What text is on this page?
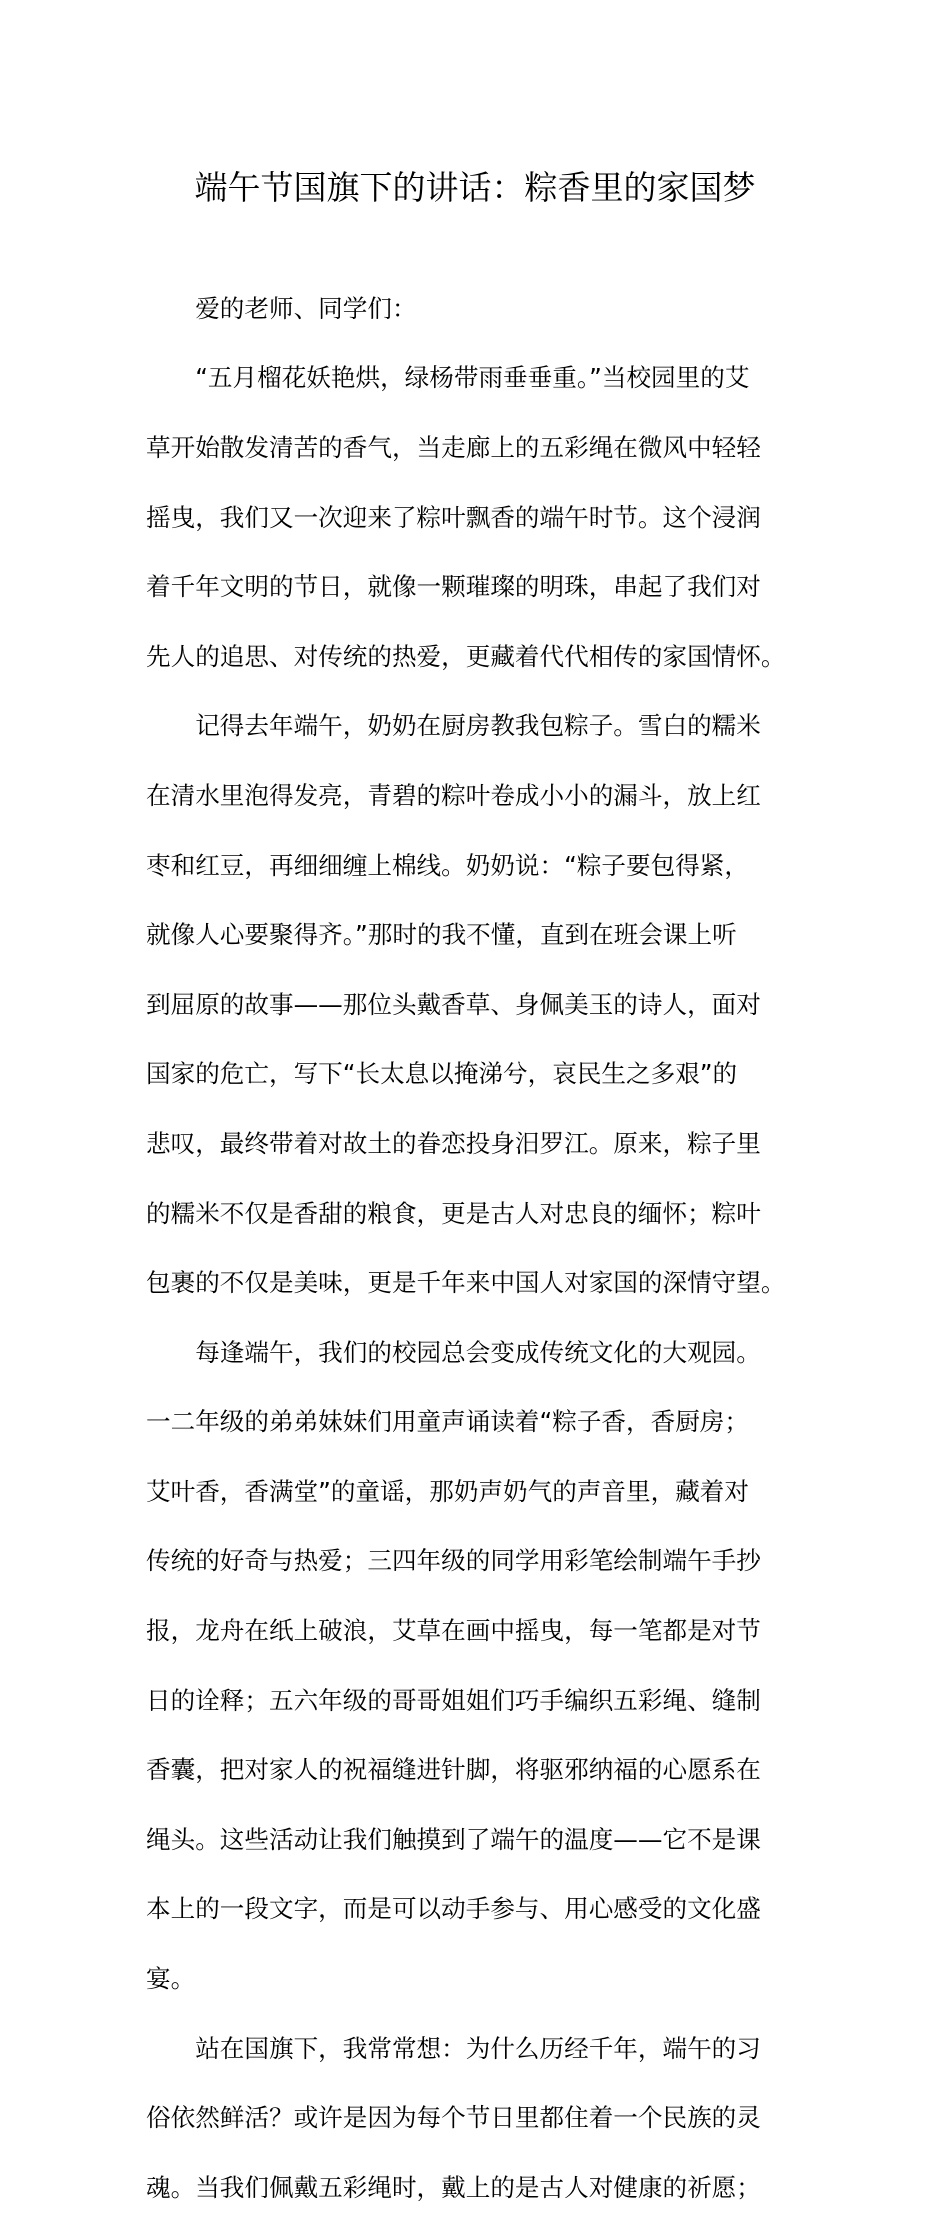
端午节国旗下的讲话：粽香里的家国梦

　　爱的老师、同学们：

　　“五月榴花妖艳烘，绿杨带雨垂垂重。”当校园里的艾

草开始散发清苦的香气，当走廊上的五彩绳在微风中轻轻

摇曳，我们又一次迎来了粽叶飘香的端午时节。这个浸润

着千年文明的节日，就像一颗璀璨的明珠，串起了我们对

先人的追思、对传统的热爱，更藏着代代相传的家国情怀。

　　记得去年端午，奶奶在厨房教我包粽子。雪白的糯米

在清水里泡得发亮，青碧的粽叶卷成小小的漏斗，放上红

枣和红豆，再细细缠上棉线。奶奶说：“粽子要包得紧，

就像人心要聚得齐。”那时的我不懂，直到在班会课上听

到屈原的故事——那位头戴香草、身佩美玉的诗人，面对

国家的危亡，写下“长太息以掩涕兮，哀民生之多艰”的

悲叹，最终带着对故土的眷恋投身汨罗江。原来，粽子里

的糯米不仅是香甜的粮食，更是古人对忠良的缅怀；粽叶

包裹的不仅是美味，更是千年来中国人对家国的深情守望。

　　每逢端午，我们的校园总会变成传统文化的大观园。

一二年级的弟弟妹妹们用童声诵读着“粽子香，香厨房；

艾叶香，香满堂”的童谣，那奶声奶气的声音里，藏着对

传统的好奇与热爱；三四年级的同学用彩笔绘制端午手抄

报，龙舟在纸上破浪，艾草在画中摇曳，每一笔都是对节

日的诠释；五六年级的哥哥姐姐们巧手编织五彩绳、缝制

香囊，把对家人的祝福缝进针脚，将驱邪纳福的心愿系在

绳头。这些活动让我们触摸到了端午的温度——它不是课

本上的一段文字，而是可以动手参与、用心感受的文化盛

宴。

　　站在国旗下，我常常想：为什么历经千年，端午的习

俗依然鲜活？或许是因为每个节日里都住着一个民族的灵

魂。当我们佩戴五彩绳时，戴上的是古人对健康的祈愿；
